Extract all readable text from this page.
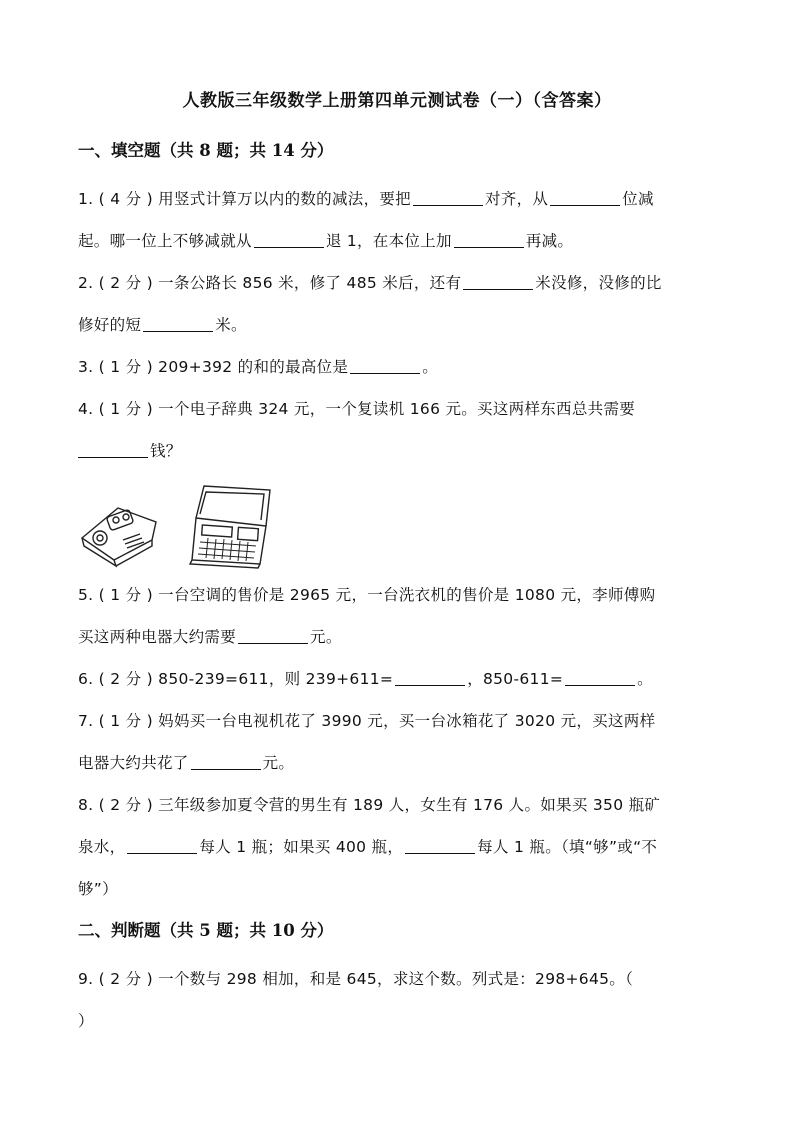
人教版三年级数学上册第四单元测试卷（一）（含答案）
一、填空题（共 8 题；共 14 分）
1. ( 4 分 ) 用竖式计算万以内的数的减法，要把	对齐，从	位减
起。哪一位上不够减就从	退 1，在本位上加	再减。
2. ( 2 分 ) 一条公路长 856 米，修了 485 米后，还有	米没修，没修的比
修好的短	米。
3. ( 1 分 ) 209+392 的和的最高位是	。
4. ( 1 分 ) 一个电子辞典 324 元，一个复读机 166 元。买这两样东西总共需要
钱？
5. ( 1 分 ) 一台空调的售价是 2965 元，一台洗衣机的售价是 1080 元，李师傅购
买这两种电器大约需要	元。
6. ( 2 分 ) 850-239=611，则 239+611=	，850-611=	。
7. ( 1 分 ) 妈妈买一台电视机花了 3990 元，买一台冰箱花了 3020 元，买这两样
电器大约共花了	元。
8. ( 2 分 ) 三年级参加夏令营的男生有 189 人，女生有 176 人。如果买 350 瓶矿
泉水，	每人 1 瓶；如果买 400 瓶，	每人 1 瓶。（填“够”或“不
够”）
二、判断题（共 5 题；共 10 分）
9. ( 2 分 ) 一个数与 298 相加，和是 645，求这个数。列式是：298+645。（
）
